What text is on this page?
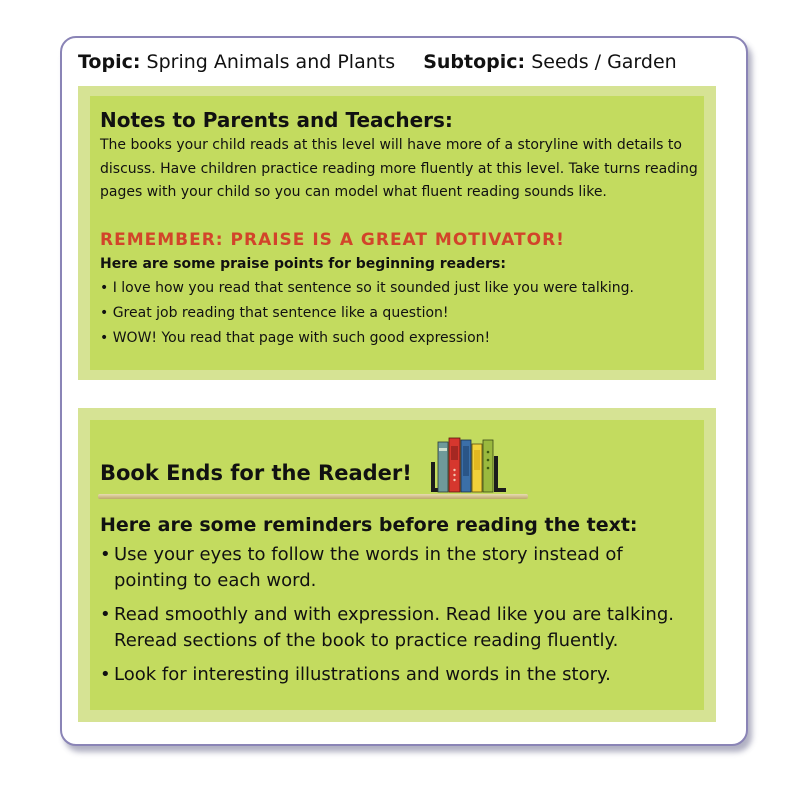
Topic: Spring Animals and Plants Subtopic: Seeds / Garden
Notes to Parents and Teachers:
The books your child reads at this level will have more of a storyline with details to discuss. Have children practice reading more fluently at this level. Take turns reading pages with your child so you can model what fluent reading sounds like.
REMEMBER: PRAISE IS A GREAT MOTIVATOR!
Here are some praise points for beginning readers:
• I love how you read that sentence so it sounded just like you were talking.
• Great job reading that sentence like a question!
• WOW! You read that page with such good expression!
Book Ends for the Reader!
Here are some reminders before reading the text:
• Use your eyes to follow the words in the story instead of pointing to each word.
• Read smoothly and with expression. Read like you are talking. Reread sections of the book to practice reading fluently.
• Look for interesting illustrations and words in the story.
